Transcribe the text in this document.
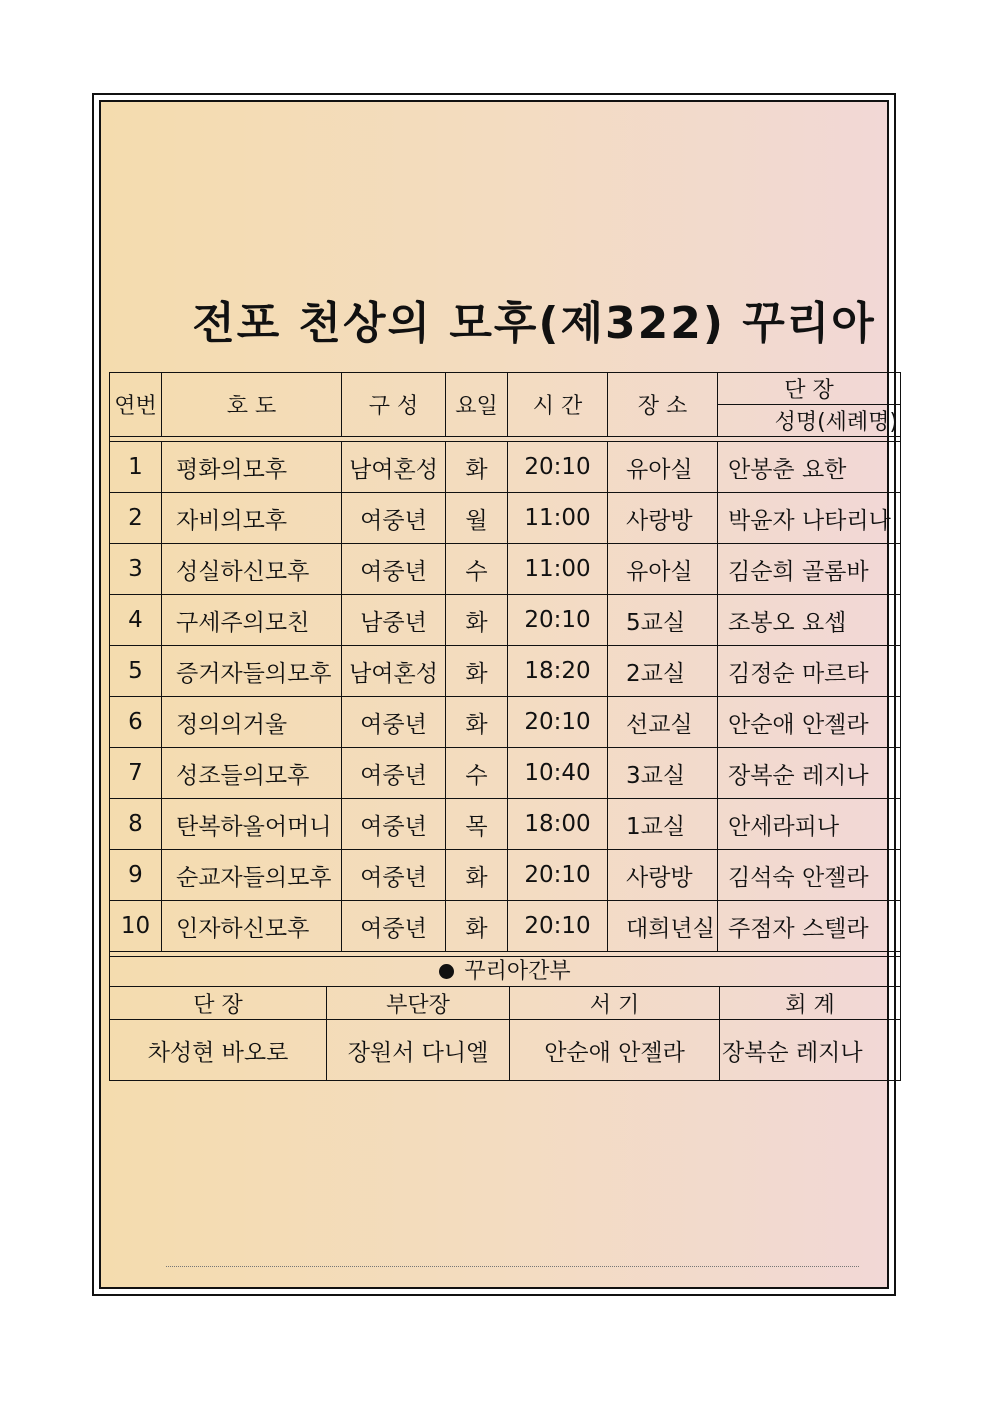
전포 천상의 모후(제322) 꾸리아
연번	호 도	구 성	요일	시 간	장 소	단 장
						성명(세례명)

1	평화의모후	남여혼성	화	20:10	유아실	안봉춘 요한
2	자비의모후	여중년	월	11:00	사랑방	박윤자 나타리나
3	성실하신모후	여중년	수	11:00	유아실	김순희 골롬바
4	구세주의모친	남중년	화	20:10	5교실	조봉오 요셉
5	증거자들의모후	남여혼성	화	18:20	2교실	김정순 마르타
6	정의의거울	여중년	화	20:10	선교실	안순애 안젤라
7	성조들의모후	여중년	수	10:40	3교실	장복순 레지나
8	탄복하올어머니	여중년	목	18:00	1교실	안세라피나
9	순교자들의모후	여중년	화	20:10	사랑방	김석숙 안젤라
10	인자하신모후	여중년	화	20:10	대희년실	주점자 스텔라

꾸리아간부			
단 장	부단장	서 기	회 계
차성현 바오로	장원서 다니엘	안순애 안젤라	장복순 레지나
